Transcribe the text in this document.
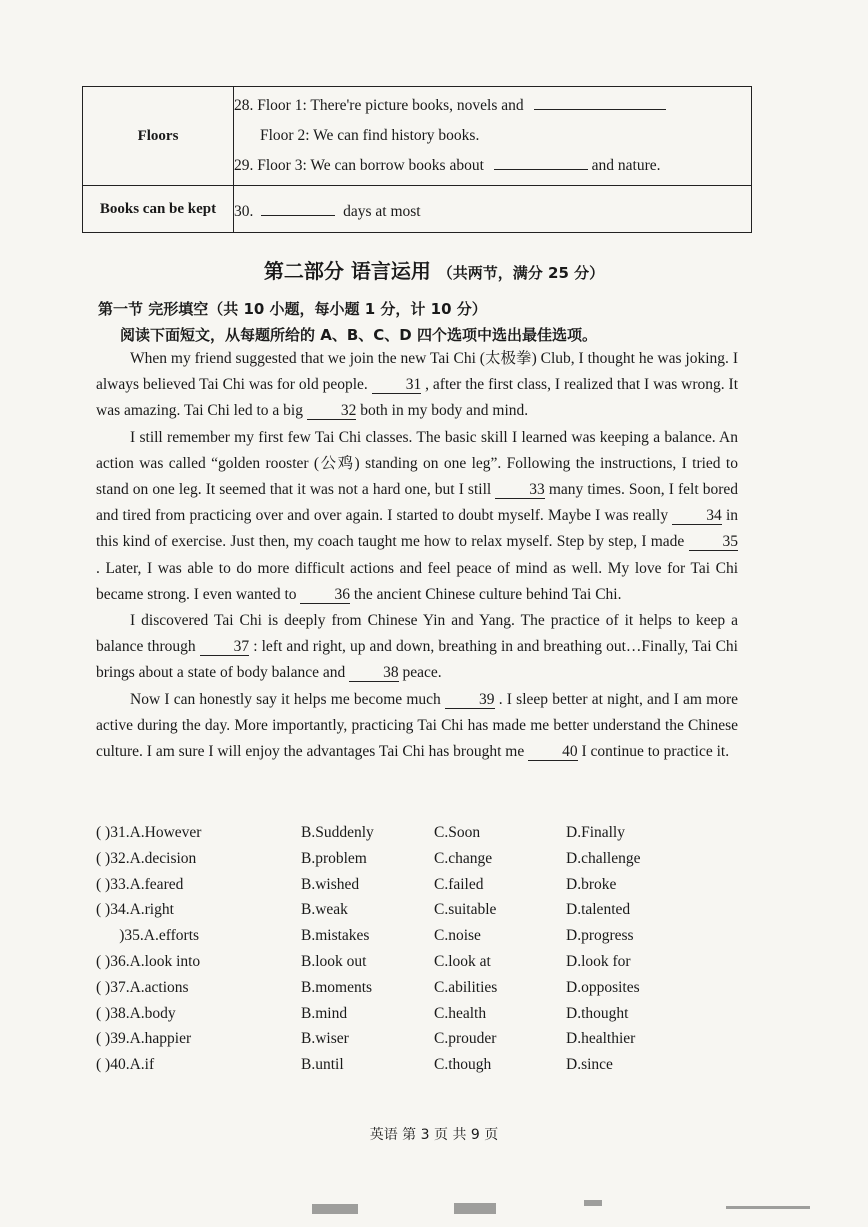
Floors	28. Floor 1: There're picture books, novels and
Floor 2: We can find history books.
29. Floor 3: We can borrow books about and nature.

Books can be kept	30. days at most
第二部分 语言运用 （共两节，满分 25 分）
第一节 完形填空（共 10 小题，每小题 1 分，计 10 分）
阅读下面短文，从每题所给的 A、B、C、D 四个选项中选出最佳选项。

When my friend suggested that we join the new Tai Chi (太极拳) Club, I thought he was joking. I always believed Tai Chi was for old people. 31 , after the first class, I realized that I was wrong. It was amazing. Tai Chi led to a big 32 both in my body and mind.

I still remember my first few Tai Chi classes. The basic skill I learned was keeping a balance. An action was called “golden rooster (公鸡) standing on one leg”. Following the instructions, I tried to stand on one leg. It seemed that it was not a hard one, but I still 33 many times. Soon, I felt bored and tired from practicing over and over again. I started to doubt myself. Maybe I was really 34 in this kind of exercise. Just then, my coach taught me how to relax myself. Step by step, I made 35 . Later, I was able to do more difficult actions and feel peace of mind as well. My love for Tai Chi became strong. I even wanted to 36 the ancient Chinese culture behind Tai Chi.

I discovered Tai Chi is deeply from Chinese Yin and Yang. The practice of it helps to keep a balance through 37 : left and right, up and down, breathing in and breathing out…Finally, Tai Chi brings about a state of body balance and 38 peace.

Now I can honestly say it helps me become much 39 . I sleep better at night, and I am more active during the day. More importantly, practicing Tai Chi has made me better understand the Chinese culture. I am sure I will enjoy the advantages Tai Chi has brought me 40 I continue to practice it.

( )31.A.However	B.Suddenly	C.Soon	D.Finally
( )32.A.decision	B.problem	C.change	D.challenge
( )33.A.feared	B.wished	C.failed	D.broke
( )34.A.right	B.weak	C.suitable	D.talented
)35.A.efforts	B.mistakes	C.noise	D.progress
( )36.A.look into	B.look out	C.look at	D.look for
( )37.A.actions	B.moments	C.abilities	D.opposites
( )38.A.body	B.mind	C.health	D.thought
( )39.A.happier	B.wiser	C.prouder	D.healthier
( )40.A.if	B.until	C.though	D.since
英语 第 3 页 共 9 页
